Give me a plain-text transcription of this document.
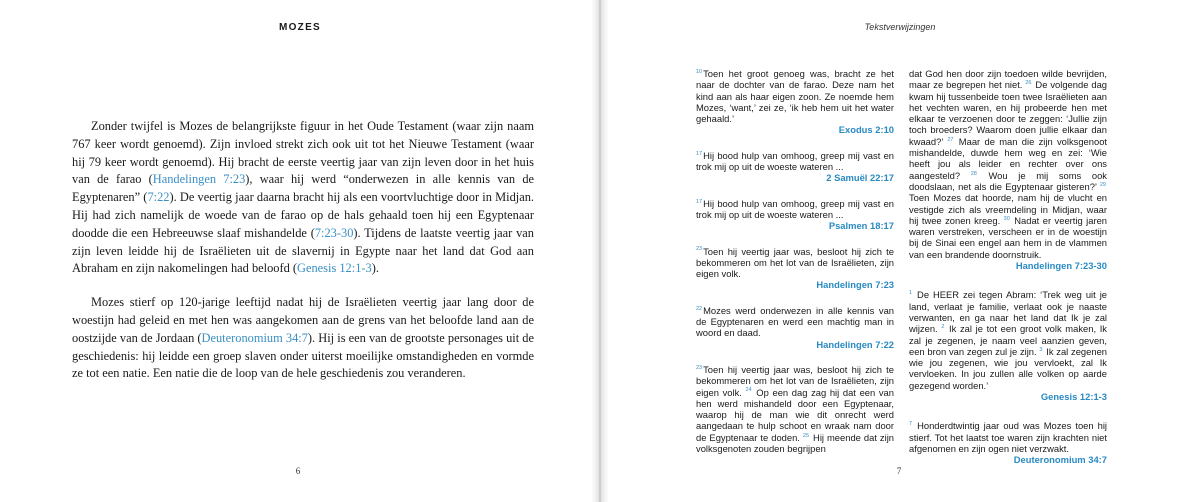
MOZES

Zonder twijfel is Mozes de belangrijkste figuur in het Oude Testament (waar zijn naam 767 keer wordt genoemd). Zijn invloed strekt zich ook uit tot het Nieuwe Testament (waar hij 79 keer wordt genoemd). Hij bracht de eerste veertig jaar van zijn leven door in het huis van de farao (Handelingen 7:23), waar hij werd “onderwezen in alle kennis van de Egyptenaren” (7:22). De veertig jaar daarna bracht hij als een voortvluchtige door in Midjan. Hij had zich namelijk de woede van de farao op de hals gehaald toen hij een Egyptenaar doodde die een Hebreeuwse slaaf mishandelde (7:23-30). Tijdens de laatste veertig jaar van zijn leven leidde hij de Israëlieten uit de slavernij in Egypte naar het land dat God aan Abraham en zijn nakomelingen had beloofd (Genesis 12:1-3).

Mozes stierf op 120-jarige leeftijd nadat hij de Israëlieten veertig jaar lang door de woestijn had geleid en met hen was aangekomen aan de grens van het beloofde land aan de oostzijde van de Jordaan (Deuteronomium 34:7). Hij is een van de grootste personages uit de geschiedenis: hij leidde een groep slaven onder uiterst moeilijke omstandigheden en vormde ze tot een natie. Een natie die de loop van de hele geschiedenis zou veranderen.

6
Tekstverwijzingen
$^{10}$Toen het groot genoeg was, bracht ze het naar de dochter van de farao. Deze nam het kind aan als haar eigen zoon. Ze noemde hem Mozes, ‘want,’ zei ze, ‘ik heb hem uit het water gehaald.’
Exodus 2:10
$^{17}$Hij bood hulp van omhoog, greep mij vast en trok mij op uit de woeste wateren ...
2 Samuël 22:17
$^{17}$Hij bood hulp van omhoog, greep mij vast en trok mij op uit de woeste wateren ...
Psalmen 18:17
$^{23}$Toen hij veertig jaar was, besloot hij zich te bekommeren om het lot van de Israëlieten, zijn eigen volk.
Handelingen 7:23
$^{22}$Mozes werd onderwezen in alle kennis van de Egyptenaren en werd een machtig man in woord en daad.
Handelingen 7:22
$^{23}$Toen hij veertig jaar was, besloot hij zich te bekommeren om het lot van de Israëlieten, zijn eigen volk. $^{24}$ Op een dag zag hij dat een van hen werd mishandeld door een Egyptenaar, waarop hij de man wie dit onrecht werd aangedaan te hulp schoot en wraak nam door de Egyptenaar te doden. $^{25}$ Hij meende dat zijn volksgenoten zouden begrijpen
dat God hen door zijn toedoen wilde bevrijden, maar ze begrepen het niet. $^{26}$ De volgende dag kwam hij tussenbeide toen twee Israëlieten aan het vechten waren, en hij probeerde hen met elkaar te verzoenen door te zeggen: ‘Jullie zijn toch broeders? Waarom doen jullie elkaar dan kwaad?’ $^{27}$ Maar de man die zijn volksgenoot mishandelde, duwde hem weg en zei: ‘Wie heeft jou als leider en rechter over ons aangesteld? $^{28}$ Wou je mij soms ook doodslaan, net als die Egyptenaar gisteren?’ $^{29}$ Toen Mozes dat hoorde, nam hij de vlucht en vestigde zich als vreemdeling in Midjan, waar hij twee zonen kreeg. $^{30}$ Nadat er veertig jaren waren verstreken, verscheen er in de woestijn bij de Sinai een engel aan hem in de vlammen van een brandende doornstruik.
Handelingen 7:23-30
$^1$ De HEER zei tegen Abram: ‘Trek weg uit je land, verlaat je familie, verlaat ook je naaste verwanten, en ga naar het land dat Ik je zal wijzen. $^2$ Ik zal je tot een groot volk maken, Ik zal je zegenen, je naam veel aanzien geven, een bron van zegen zul je zijn. $^3$ Ik zal zegenen wie jou zegenen, wie jou vervloekt, zal Ik vervloeken. In jou zullen alle volken op aarde gezegend worden.’
Genesis 12:1-3
$^7$ Honderdtwintig jaar oud was Mozes toen hij stierf. Tot het laatst toe waren zijn krachten niet afgenomen en zijn ogen niet verzwakt.
Deuteronomium 34:7
7
